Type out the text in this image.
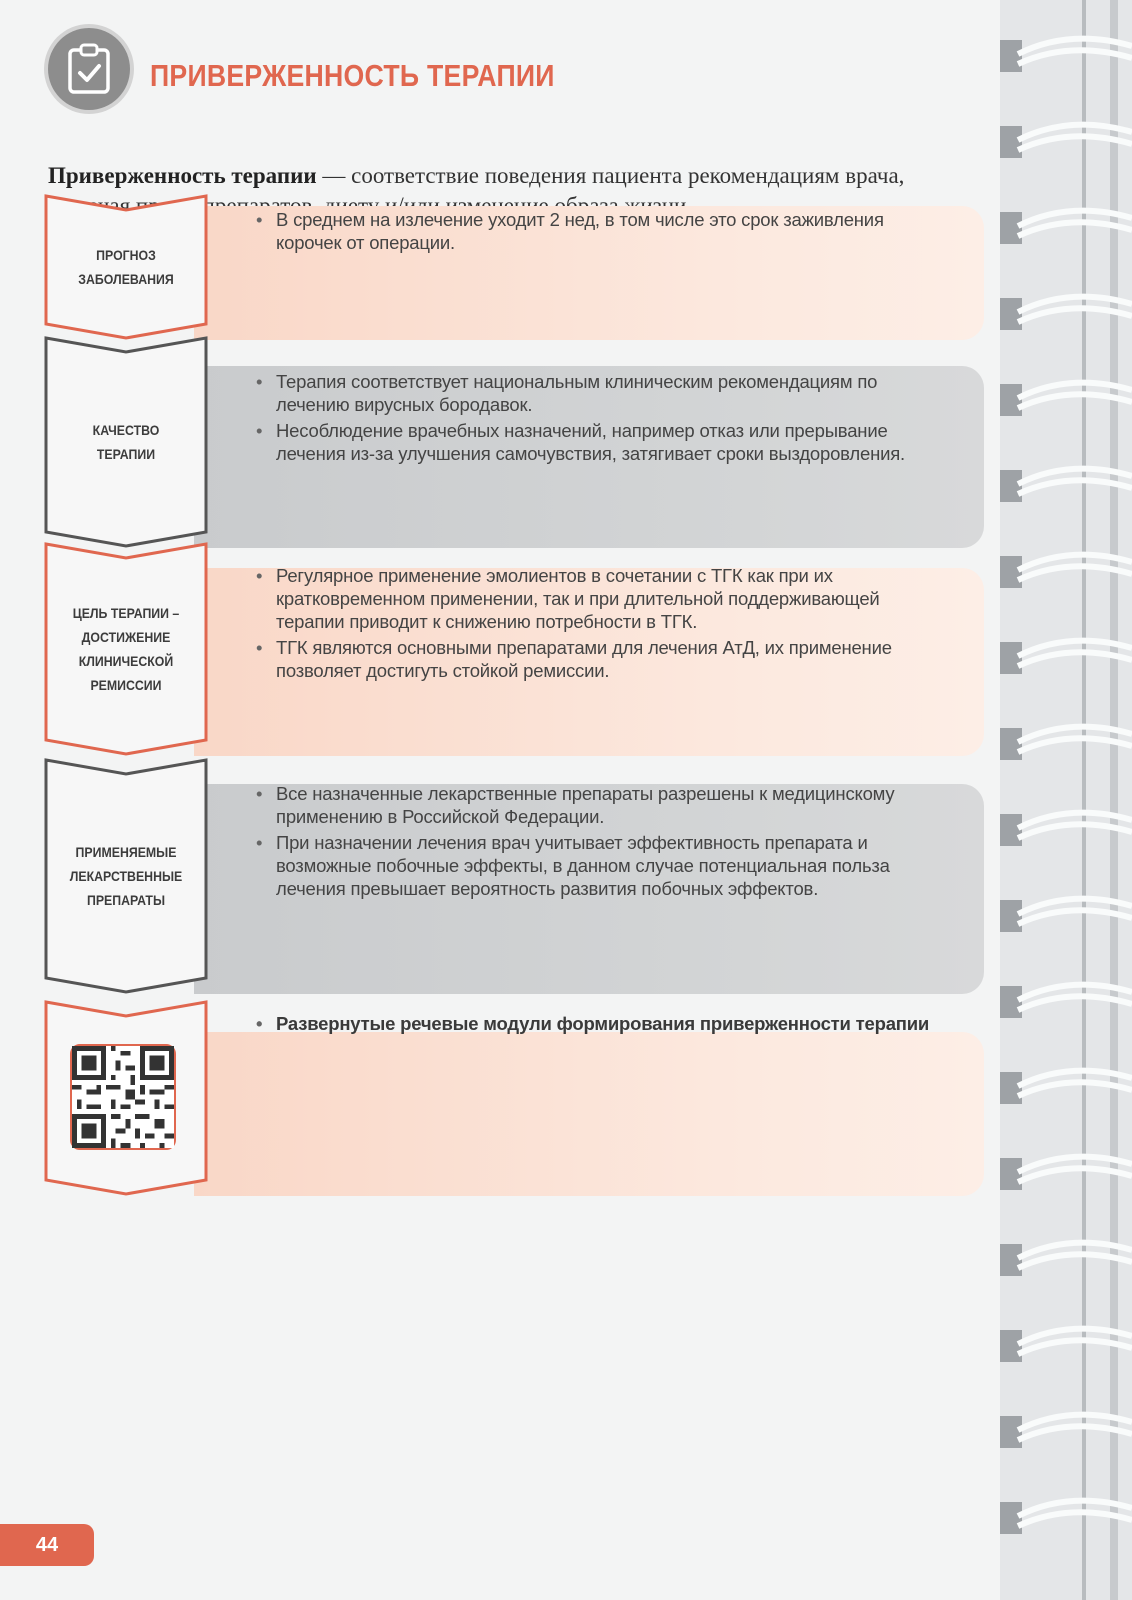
ПРИВЕРЖЕННОСТЬ ТЕРАПИИ

Приверженность терапии — соответствие поведения пациента рекомендациям врача,

ПРОГНОЗ
ЗАБОЛЕВАНИЯ
• В среднем на излечение уходит 2 нед, в том числе это срок заживления корочек от операции.
КАЧЕСТВО
ТЕРАПИИ
• Терапия соответствует национальным клиническим рекомендациям по лечению вирусных бородавок.
• Несоблюдение врачебных назначений, например отказ или прерывание лечения из-за улучшения самочувствия, затягивает сроки выздоровления.
ЦЕЛЬ ТЕРАПИИ –
ДОСТИЖЕНИЕ
КЛИНИЧЕСКОЙ
РЕМИССИИ
• Регулярное применение эмолиентов в сочетании с ТГК как при их кратковременном применении, так и при длительной поддерживающей терапии приводит к снижению потребности в ТГК.
• ТГК являются основными препаратами для лечения АтД, их применение позволяет достигуть стойкой ремиссии.
ПРИМЕНЯЕМЫЕ
ЛЕКАРСТВЕННЫЕ
ПРЕПАРАТЫ
• Все назначенные лекарственные препараты разрешены к медицинскому применению в Российской Федерации.
• При назначении лечения врач учитывает эффективность препарата и возможные побочные эффекты, в данном случае потенциальная польза лечения превышает вероятность развития побочных эффектов.
• Развернутые речевые модули формирования приверженности терапии
44
